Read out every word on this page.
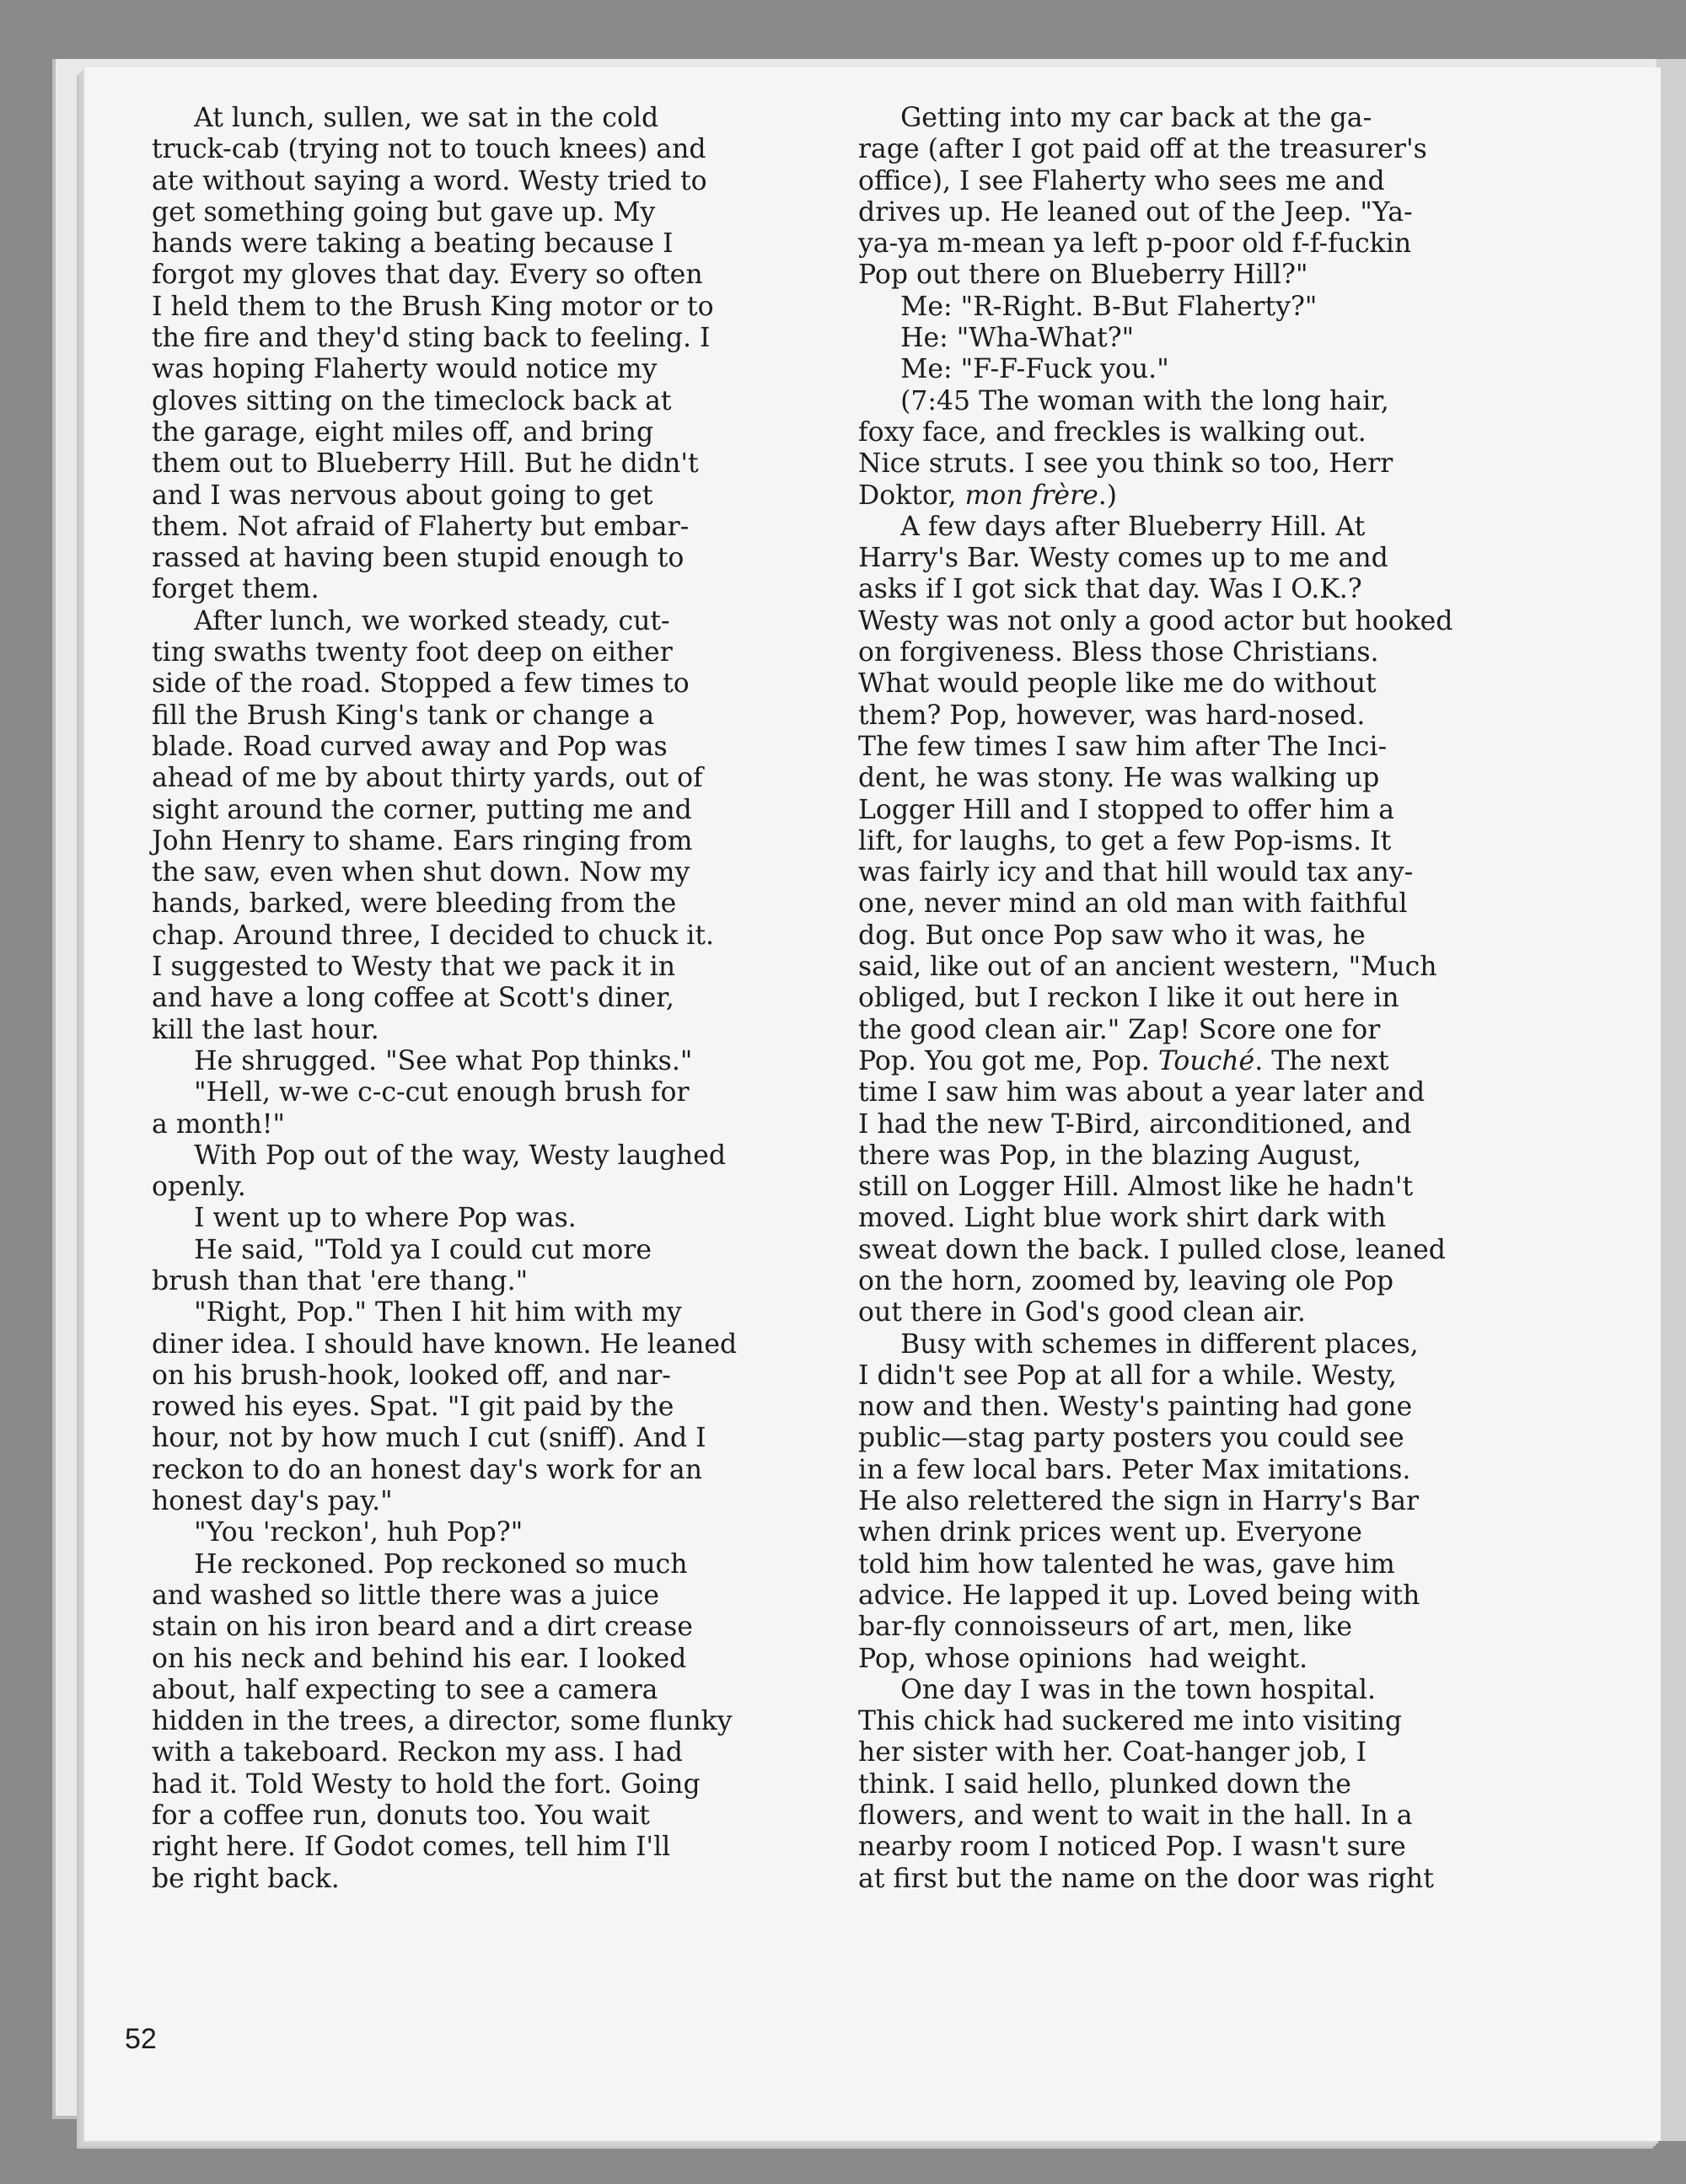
At lunch, sullen, we sat in the cold
truck-cab (trying not to touch knees) and
ate without saying a word. Westy tried to
get something going but gave up. My
hands were taking a beating because I
forgot my gloves that day. Every so often
I held them to the Brush King motor or to
the fire and they'd sting back to feeling. I
was hoping Flaherty would notice my
gloves sitting on the timeclock back at
the garage, eight miles off, and bring
them out to Blueberry Hill. But he didn't
and I was nervous about going to get
them. Not afraid of Flaherty but embar-
rassed at having been stupid enough to
forget them.
After lunch, we worked steady, cut-
ting swaths twenty foot deep on either
side of the road. Stopped a few times to
fill the Brush King's tank or change a
blade. Road curved away and Pop was
ahead of me by about thirty yards, out of
sight around the corner, putting me and
John Henry to shame. Ears ringing from
the saw, even when shut down. Now my
hands, barked, were bleeding from the
chap. Around three, I decided to chuck it.
I suggested to Westy that we pack it in
and have a long coffee at Scott's diner,
kill the last hour.
He shrugged. "See what Pop thinks."
"Hell, w-we c-c-cut enough brush for
a month!"
With Pop out of the way, Westy laughed
openly.
I went up to where Pop was.
He said, "Told ya I could cut more
brush than that 'ere thang."
"Right, Pop." Then I hit him with my
diner idea. I should have known. He leaned
on his brush-hook, looked off, and nar-
rowed his eyes. Spat. "I git paid by the
hour, not by how much I cut (sniff). And I
reckon to do an honest day's work for an
honest day's pay."
"You 'reckon', huh Pop?"
He reckoned. Pop reckoned so much
and washed so little there was a juice
stain on his iron beard and a dirt crease
on his neck and behind his ear. I looked
about, half expecting to see a camera
hidden in the trees, a director, some flunky
with a takeboard. Reckon my ass. I had
had it. Told Westy to hold the fort. Going
for a coffee run, donuts too. You wait
right here. If Godot comes, tell him I'll
be right back.
Getting into my car back at the ga-
rage (after I got paid off at the treasurer's
office), I see Flaherty who sees me and
drives up. He leaned out of the Jeep. "Ya-
ya-ya m-mean ya left p-poor old f-f-fuckin
Pop out there on Blueberry Hill?"
Me: "R-Right. B-But Flaherty?"
He: "Wha-What?"
Me: "F-F-Fuck you."
(7:45 The woman with the long hair,
foxy face, and freckles is walking out.
Nice struts. I see you think so too, Herr
Doktor, mon frère.)
A few days after Blueberry Hill. At
Harry's Bar. Westy comes up to me and
asks if I got sick that day. Was I O.K.?
Westy was not only a good actor but hooked
on forgiveness. Bless those Christians.
What would people like me do without
them? Pop, however, was hard-nosed.
The few times I saw him after The Inci-
dent, he was stony. He was walking up
Logger Hill and I stopped to offer him a
lift, for laughs, to get a few Pop-isms. It
was fairly icy and that hill would tax any-
one, never mind an old man with faithful
dog. But once Pop saw who it was, he
said, like out of an ancient western, "Much
obliged, but I reckon I like it out here in
the good clean air." Zap! Score one for
Pop. You got me, Pop. Touché. The next
time I saw him was about a year later and
I had the new T-Bird, airconditioned, and
there was Pop, in the blazing August,
still on Logger Hill. Almost like he hadn't
moved. Light blue work shirt dark with
sweat down the back. I pulled close, leaned
on the horn, zoomed by, leaving ole Pop
out there in God's good clean air.
Busy with schemes in different places,
I didn't see Pop at all for a while. Westy,
now and then. Westy's painting had gone
public—stag party posters you could see
in a few local bars. Peter Max imitations.
He also relettered the sign in Harry's Bar
when drink prices went up. Everyone
told him how talented he was, gave him
advice. He lapped it up. Loved being with
bar-fly connoisseurs of art, men, like
Pop, whose opinions  had weight.
One day I was in the town hospital.
This chick had suckered me into visiting
her sister with her. Coat-hanger job, I
think. I said hello, plunked down the
flowers, and went to wait in the hall. In a
nearby room I noticed Pop. I wasn't sure
at first but the name on the door was right
52
